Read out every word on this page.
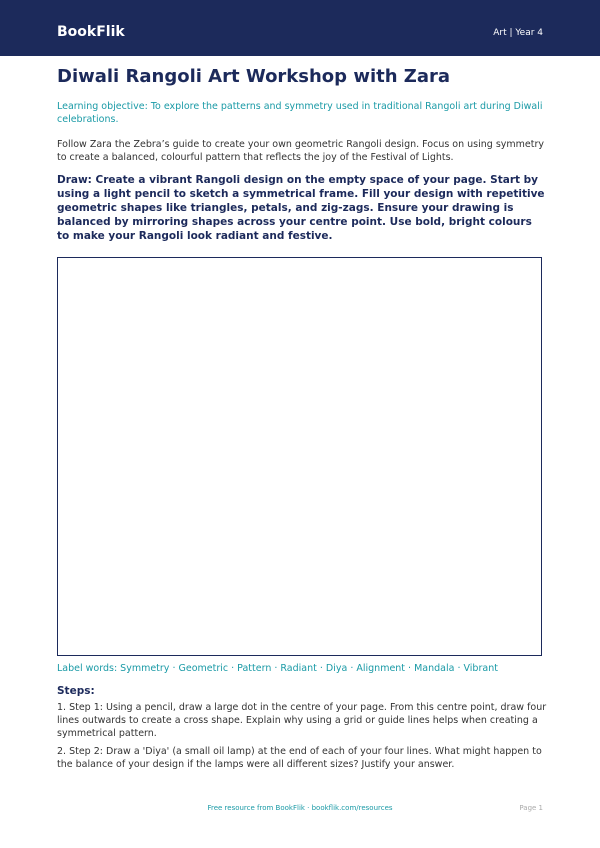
BookFlik	Art | Year 4
Diwali Rangoli Art Workshop with Zara

Learning objective: To explore the patterns and symmetry used in traditional Rangoli art during Diwali celebrations.

Follow Zara the Zebra’s guide to create your own geometric Rangoli design. Focus on using symmetry to create a balanced, colourful pattern that reflects the joy of the Festival of Lights.

Draw: Create a vibrant Rangoli design on the empty space of your page. Start by using a light pencil to sketch a symmetrical frame. Fill your design with repetitive geometric shapes like triangles, petals, and zig-zags. Ensure your drawing is balanced by mirroring shapes across your centre point. Use bold, bright colours to make your Rangoli look radiant and festive.

Label words: Symmetry · Geometric · Pattern · Radiant · Diya · Alignment · Mandala · Vibrant
Steps:
1. Step 1: Using a pencil, draw a large dot in the centre of your page. From this centre point, draw four lines outwards to create a cross shape. Explain why using a grid or guide lines helps when creating a symmetrical pattern.
2. Step 2: Draw a 'Diya' (a small oil lamp) at the end of each of your four lines. What might happen to the balance of your design if the lamps were all different sizes? Justify your answer.
Free resource from BookFlik · bookflik.com/resources	Page 1
